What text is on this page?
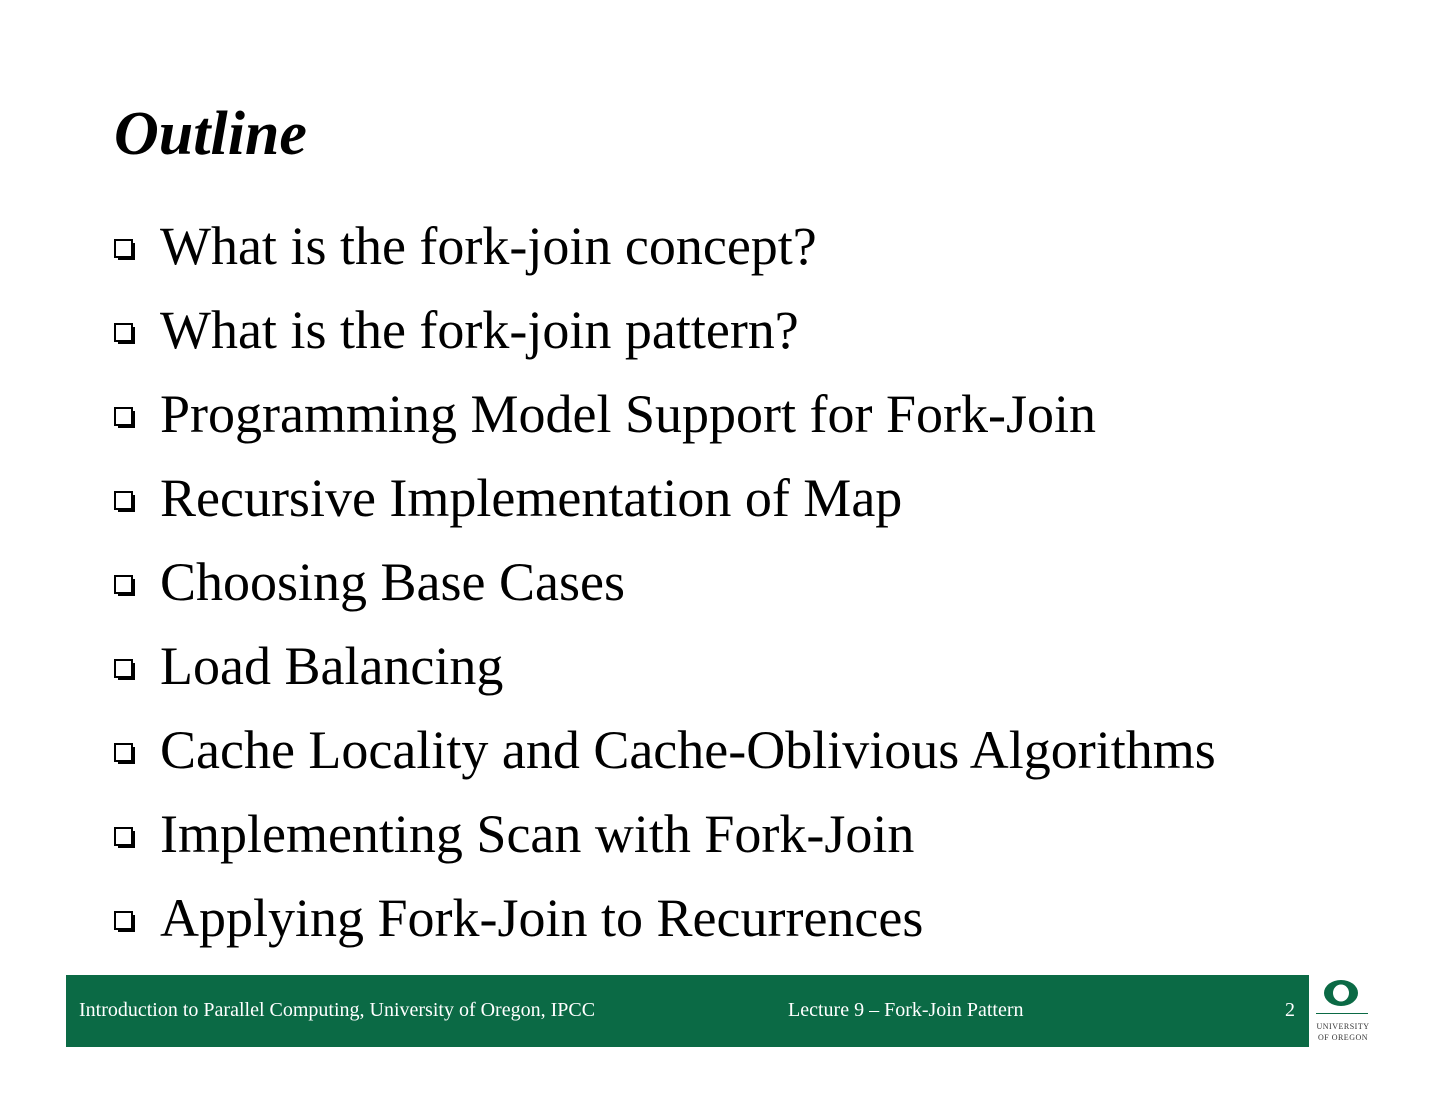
Outline
What is the fork-join concept?
What is the fork-join pattern?
Programming Model Support for Fork-Join
Recursive Implementation of Map
Choosing Base Cases
Load Balancing
Cache Locality and Cache-Oblivious Algorithms
Implementing Scan with Fork-Join
Applying Fork-Join to Recurrences
Introduction to Parallel Computing, University of Oregon, IPCC	Lecture 9 – Fork-Join Pattern	2
UNIVERSITY
OF OREGON
